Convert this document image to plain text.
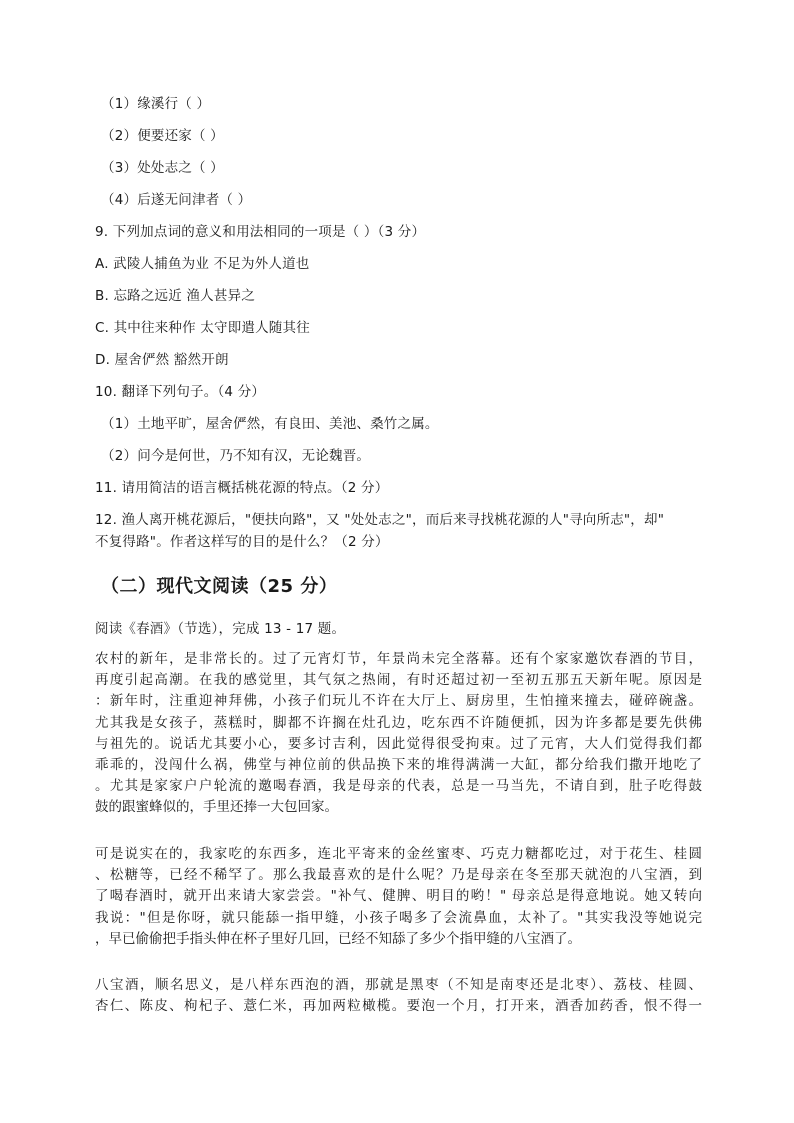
（1）缘溪行（ ）
（2）便要还家（ ）
（3）处处志之（ ）
（4）后遂无问津者（ ）
9. 下列加点词的意义和用法相同的一项是（ ）（3 分）
A. 武陵人捕鱼为业 不足为外人道也
B. 忘路之远近 渔人甚异之
C. 其中往来种作 太守即遣人随其往
D. 屋舍俨然 豁然开朗
10. 翻译下列句子。（4 分）
（1）土地平旷，屋舍俨然，有良田、美池、桑竹之属。
（2）问今是何世，乃不知有汉，无论魏晋。
11. 请用简洁的语言概括桃花源的特点。（2 分）
12. 渔人离开桃花源后，"便扶向路"，又 "处处志之"，而后来寻找桃花源的人"寻向所志"，却"
不复得路"。作者这样写的目的是什么？（2 分）
（二）现代文阅读（25 分）
阅读《春酒》（节选），完成 13 - 17 题。
农村的新年，是非常长的。过了元宵灯节，年景尚未完全落幕。还有个家家邀饮春酒的节目，
再度引起高潮。在我的感觉里，其气氛之热闹，有时还超过初一至初五那五天新年呢。原因是
：新年时，注重迎神拜佛，小孩子们玩儿不许在大厅上、厨房里，生怕撞来撞去，碰碎碗盏。
尤其我是女孩子，蒸糕时，脚都不许搁在灶孔边，吃东西不许随便抓，因为许多都是要先供佛
与祖先的。说话尤其要小心，要多讨吉利，因此觉得很受拘束。过了元宵，大人们觉得我们都
乖乖的，没闯什么祸，佛堂与神位前的供品换下来的堆得满满一大缸，都分给我们撒开地吃了
。尤其是家家户户轮流的邀喝春酒，我是母亲的代表，总是一马当先，不请自到，肚子吃得鼓
鼓的跟蜜蜂似的，手里还捧一大包回家。
可是说实在的，我家吃的东西多，连北平寄来的金丝蜜枣、巧克力糖都吃过，对于花生、桂圆
、松糖等，已经不稀罕了。那么我最喜欢的是什么呢？乃是母亲在冬至那天就泡的八宝酒，到
了喝春酒时，就开出来请大家尝尝。"补气、健脾、明目的哟！" 母亲总是得意地说。她又转向
我说："但是你呀，就只能舔一指甲缝，小孩子喝多了会流鼻血，太补了。"其实我没等她说完
，早已偷偷把手指头伸在杯子里好几回，已经不知舔了多少个指甲缝的八宝酒了。
八宝酒，顺名思义，是八样东西泡的酒，那就是黑枣（不知是南枣还是北枣）、荔枝、桂圆、
杏仁、陈皮、枸杞子、薏仁米，再加两粒橄榄。要泡一个月，打开来，酒香加药香，恨不得一
